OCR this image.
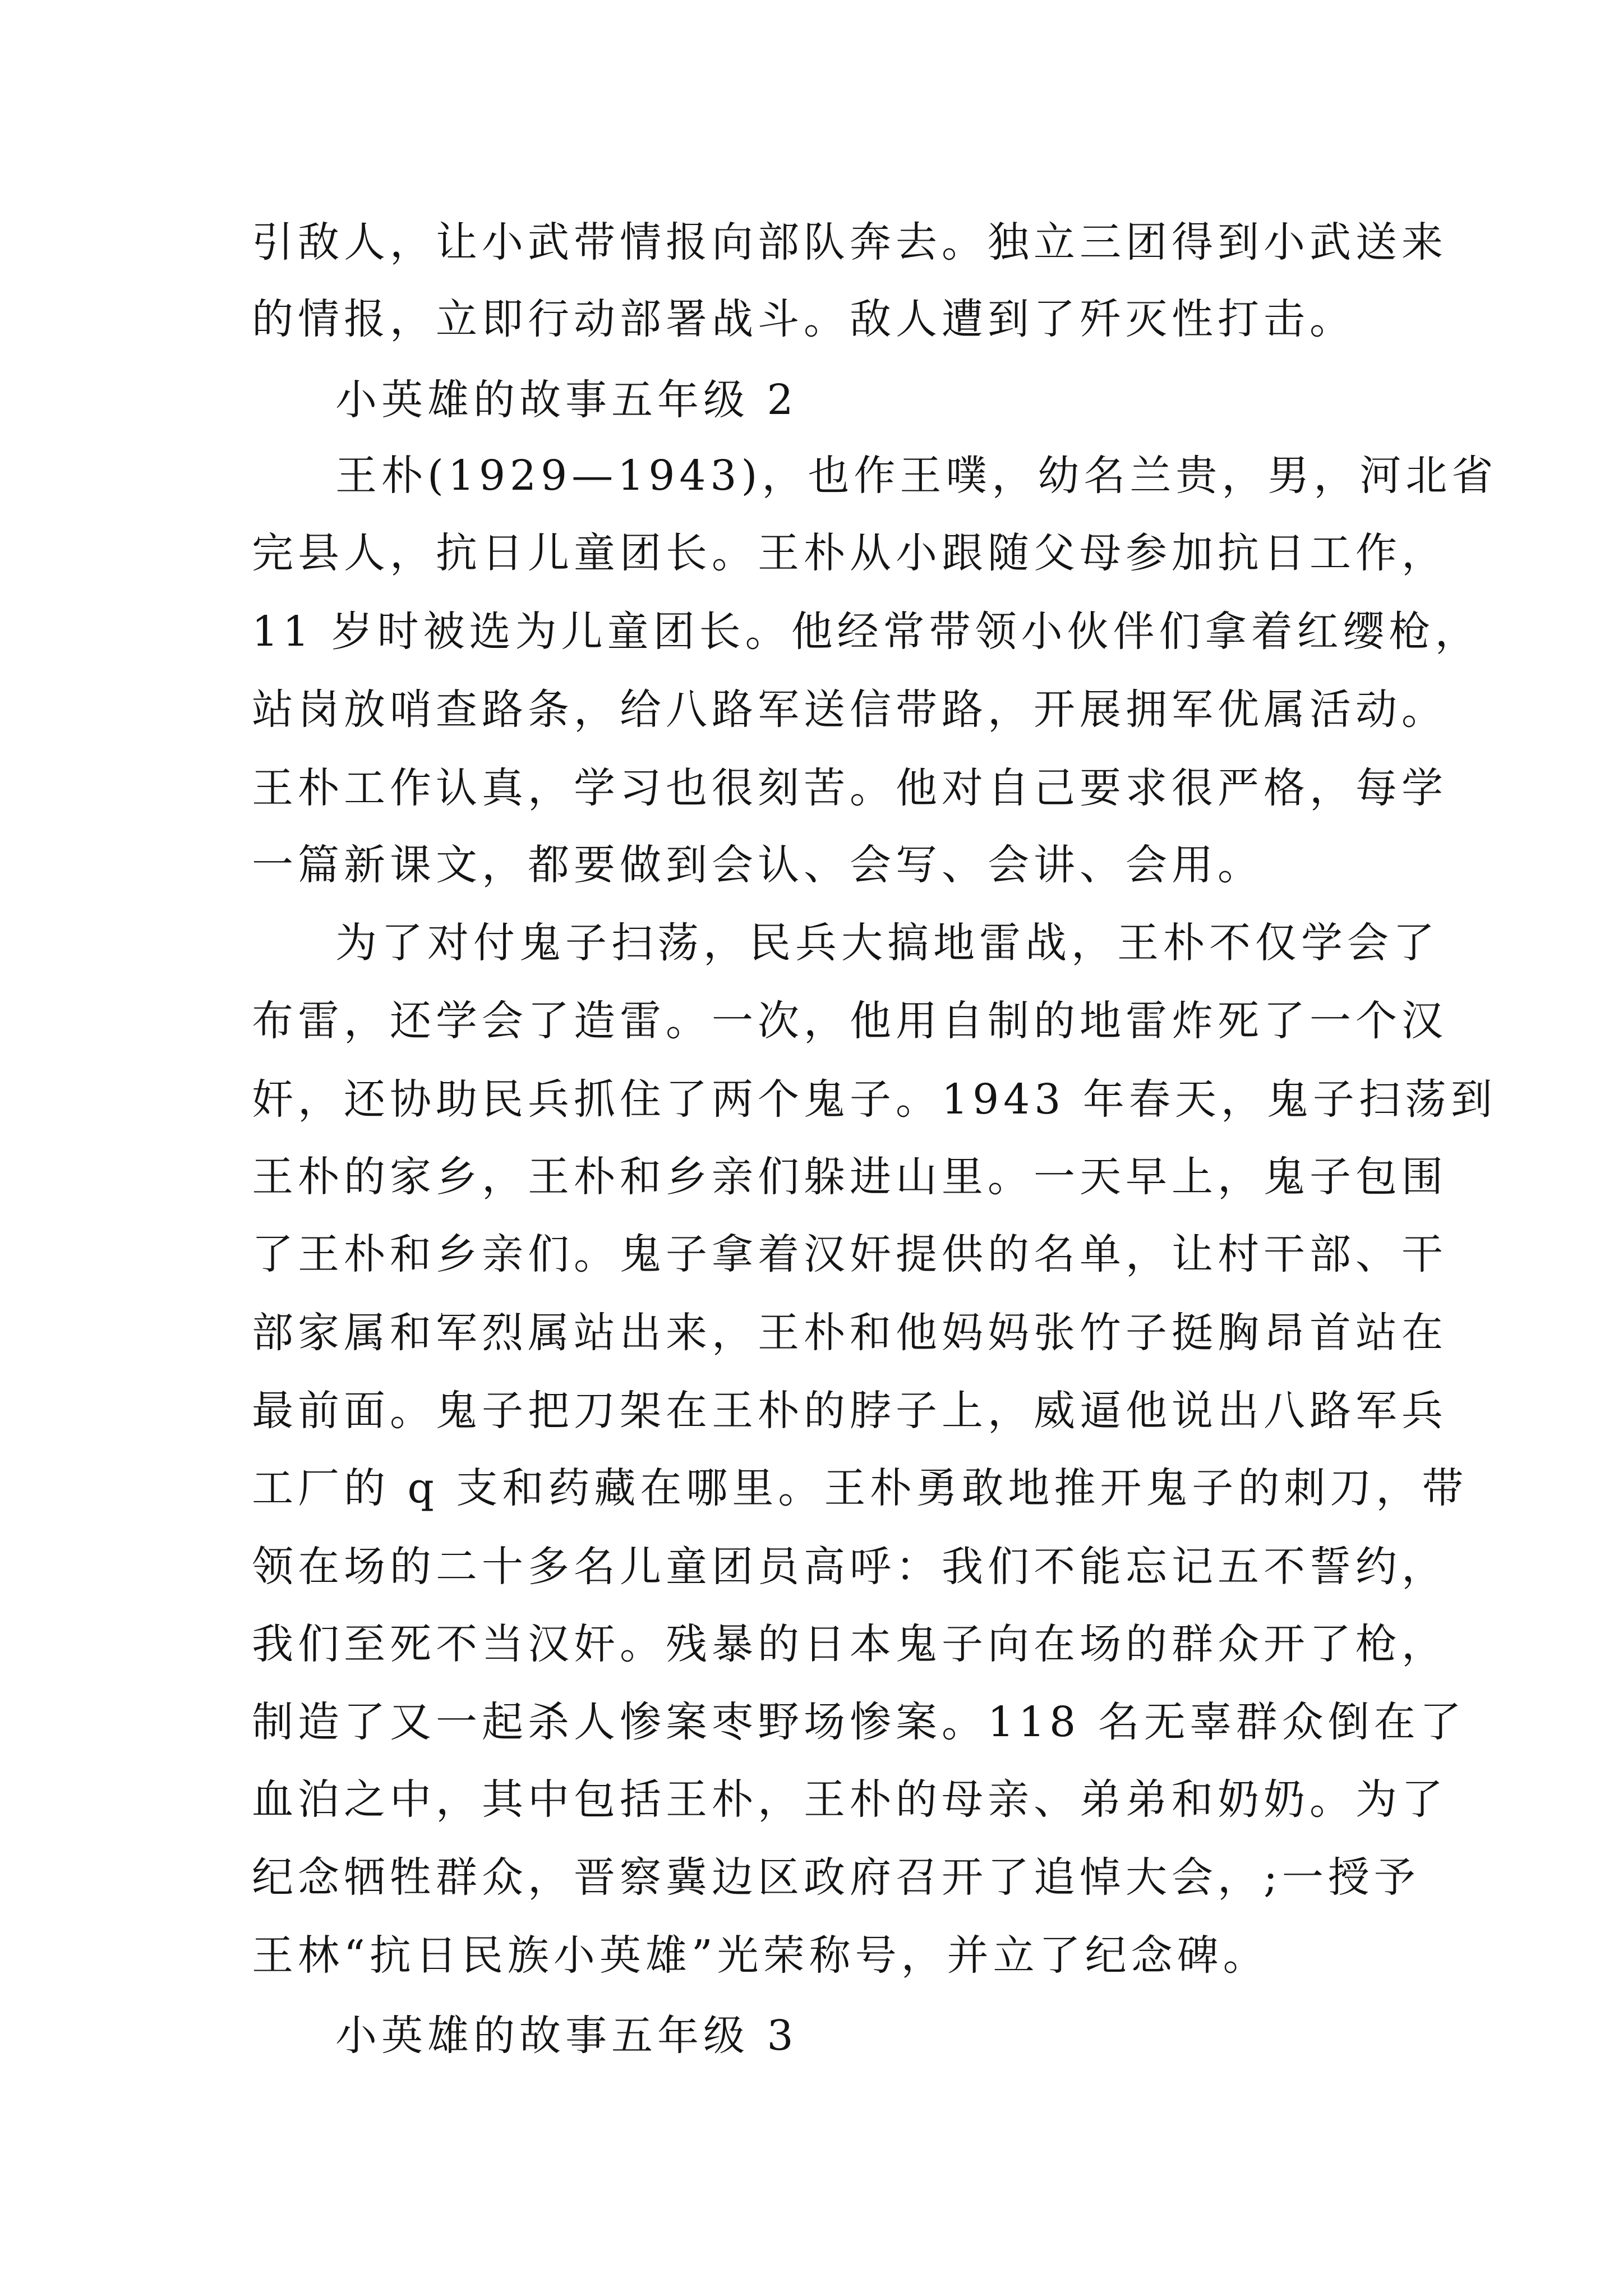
引敌人，让小武带情报向部队奔去。独立三团得到小武送来

的情报，立即行动部署战斗。敌人遭到了歼灭性打击。

小英雄的故事五年级 2

王朴(1929—1943)，也作王噗，幼名兰贵，男，河北省

完县人，抗日儿童团长。王朴从小跟随父母参加抗日工作，

11 岁时被选为儿童团长。他经常带领小伙伴们拿着红缨枪，

站岗放哨查路条，给八路军送信带路，开展拥军优属活动。

王朴工作认真，学习也很刻苦。他对自己要求很严格，每学

一篇新课文，都要做到会认、会写、会讲、会用。

为了对付鬼子扫荡，民兵大搞地雷战，王朴不仅学会了

布雷，还学会了造雷。一次，他用自制的地雷炸死了一个汉

奸，还协助民兵抓住了两个鬼子。1943 年春天，鬼子扫荡到

王朴的家乡，王朴和乡亲们躲进山里。一天早上，鬼子包围

了王朴和乡亲们。鬼子拿着汉奸提供的名单，让村干部、干

部家属和军烈属站出来，王朴和他妈妈张竹子挺胸昂首站在

最前面。鬼子把刀架在王朴的脖子上，威逼他说出八路军兵

工厂的 q 支和药藏在哪里。王朴勇敢地推开鬼子的刺刀，带

领在场的二十多名儿童团员高呼：我们不能忘记五不誓约，

我们至死不当汉奸。残暴的日本鬼子向在场的群众开了枪，

制造了又一起杀人惨案枣野场惨案。118 名无辜群众倒在了

血泊之中，其中包括王朴，王朴的母亲、弟弟和奶奶。为了

纪念牺牲群众，晋察冀边区政府召开了追悼大会，;一授予

王林“抗日民族小英雄”光荣称号，并立了纪念碑。

小英雄的故事五年级 3
